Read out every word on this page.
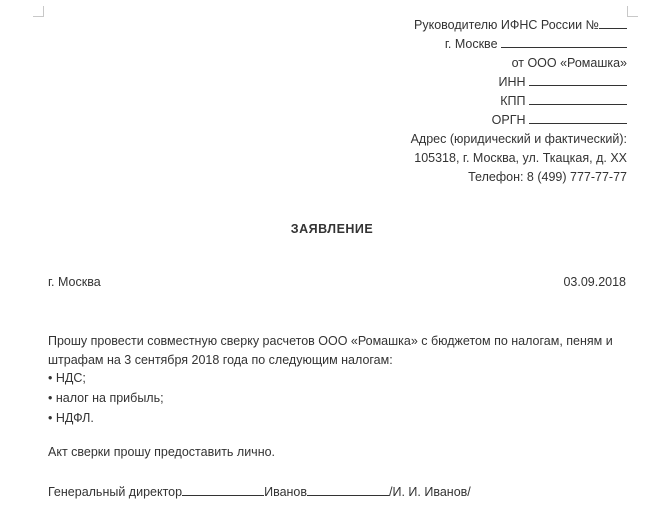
Руководителю ИФНС России №
г. Москве
от ООО «Ромашка»
ИНН
КПП
ОРГН
Адрес (юридический и фактический):
105318, г. Москва, ул. Ткацкая, д. XX
Телефон: 8 (499) 777-77-77
ЗАЯВЛЕНИЕ
г. Москва	03.09.2018
Прошу провести совместную сверку расчетов ООО «Ромашка» с бюджетом по налогам, пеням и штрафам на 3 сентября 2018 года по следующим налогам:
• НДС;
• налог на прибыль;
• НДФЛ.
Акт сверки прошу предоставить лично.
Генеральный директор	Иванов	/И. И. Иванов/
